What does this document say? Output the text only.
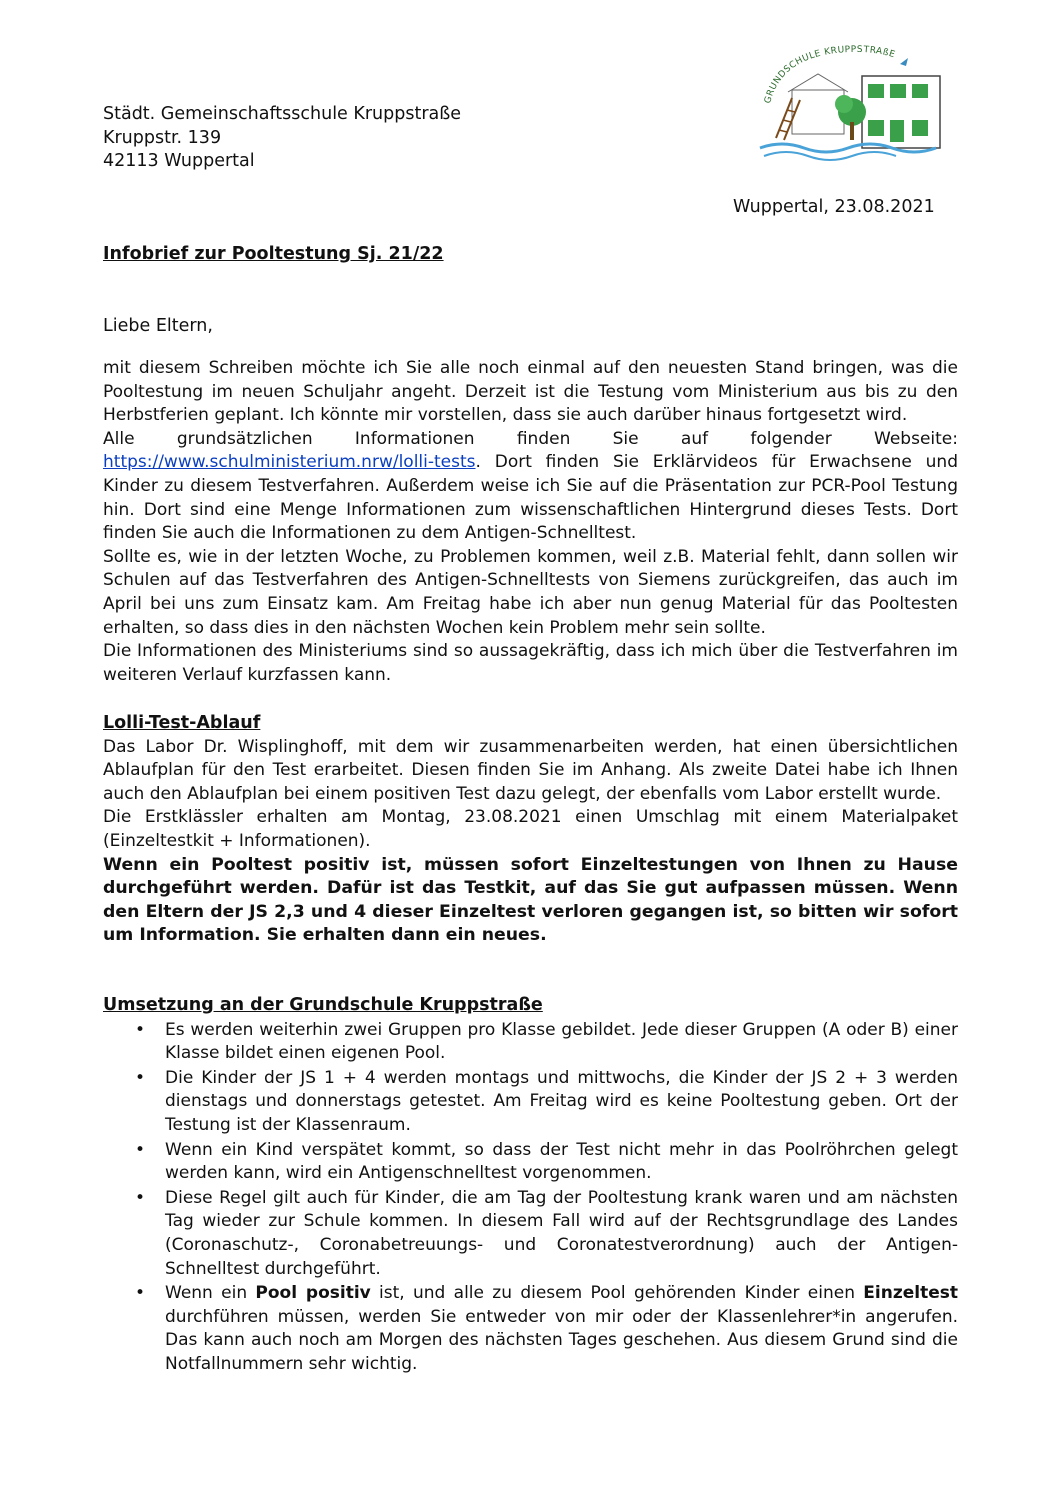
Städt. Gemeinschaftsschule Kruppstraße
Kruppstr. 139
42113 Wuppertal
GRUNDSCHULE KRUPPSTRAßE
Wuppertal, 23.08.2021
Infobrief zur Pooltestung Sj. 21/22
Liebe Eltern,

mit diesem Schreiben möchte ich Sie alle noch einmal auf den neuesten Stand bringen, was die Pooltestung im neuen Schuljahr angeht. Derzeit ist die Testung vom Ministerium aus bis zu den Herbstferien geplant. Ich könnte mir vorstellen, dass sie auch darüber hinaus fortgesetzt wird.

Alle grundsätzlichen Informationen finden Sie auf folgender Webseite:

https://www.schulministerium.nrw/lolli-tests. Dort finden Sie Erklärvideos für Erwachsene und Kinder zu diesem Testverfahren. Außerdem weise ich Sie auf die Präsentation zur PCR-Pool Testung hin. Dort sind eine Menge Informationen zum wissenschaftlichen Hintergrund dieses Tests. Dort finden Sie auch die Informationen zu dem Antigen-Schnelltest.

Sollte es, wie in der letzten Woche, zu Problemen kommen, weil z.B. Material fehlt, dann sollen wir Schulen auf das Testverfahren des Antigen-Schnelltests von Siemens zurückgreifen, das auch im April bei uns zum Einsatz kam. Am Freitag habe ich aber nun genug Material für das Pooltesten erhalten, so dass dies in den nächsten Wochen kein Problem mehr sein sollte.

Die Informationen des Ministeriums sind so aussagekräftig, dass ich mich über die Testverfahren im weiteren Verlauf kurzfassen kann.

Lolli-Test-Ablauf

Das Labor Dr. Wisplinghoff, mit dem wir zusammenarbeiten werden, hat einen übersichtlichen Ablaufplan für den Test erarbeitet. Diesen finden Sie im Anhang. Als zweite Datei habe ich Ihnen auch den Ablaufplan bei einem positiven Test dazu gelegt, der ebenfalls vom Labor erstellt wurde.

Die Erstklässler erhalten am Montag, 23.08.2021 einen Umschlag mit einem Materialpaket (Einzeltestkit + Informationen).

Wenn ein Pooltest positiv ist, müssen sofort Einzeltestungen von Ihnen zu Hause durchgeführt werden. Dafür ist das Testkit, auf das Sie gut aufpassen müssen. Wenn den Eltern der JS 2,3 und 4 dieser Einzeltest verloren gegangen ist, so bitten wir sofort um Information. Sie erhalten dann ein neues.

Umsetzung an der Grundschule Kruppstraße
• Es werden weiterhin zwei Gruppen pro Klasse gebildet. Jede dieser Gruppen (A oder B) einer Klasse bildet einen eigenen Pool.
• Die Kinder der JS 1 + 4 werden montags und mittwochs, die Kinder der JS 2 + 3 werden dienstags und donnerstags getestet. Am Freitag wird es keine Pooltestung geben. Ort der Testung ist der Klassenraum.
• Wenn ein Kind verspätet kommt, so dass der Test nicht mehr in das Poolröhrchen gelegt werden kann, wird ein Antigenschnelltest vorgenommen.
• Diese Regel gilt auch für Kinder, die am Tag der Pooltestung krank waren und am nächsten Tag wieder zur Schule kommen. In diesem Fall wird auf der Rechtsgrundlage des Landes (Coronaschutz-, Coronabetreuungs- und Coronatestverordnung) auch der Antigen-Schnelltest durchgeführt.
• Wenn ein Pool positiv ist, und alle zu diesem Pool gehörenden Kinder einen Einzeltest durchführen müssen, werden Sie entweder von mir oder der Klassenlehrer*in angerufen. Das kann auch noch am Morgen des nächsten Tages geschehen. Aus diesem Grund sind die Notfallnummern sehr wichtig.
